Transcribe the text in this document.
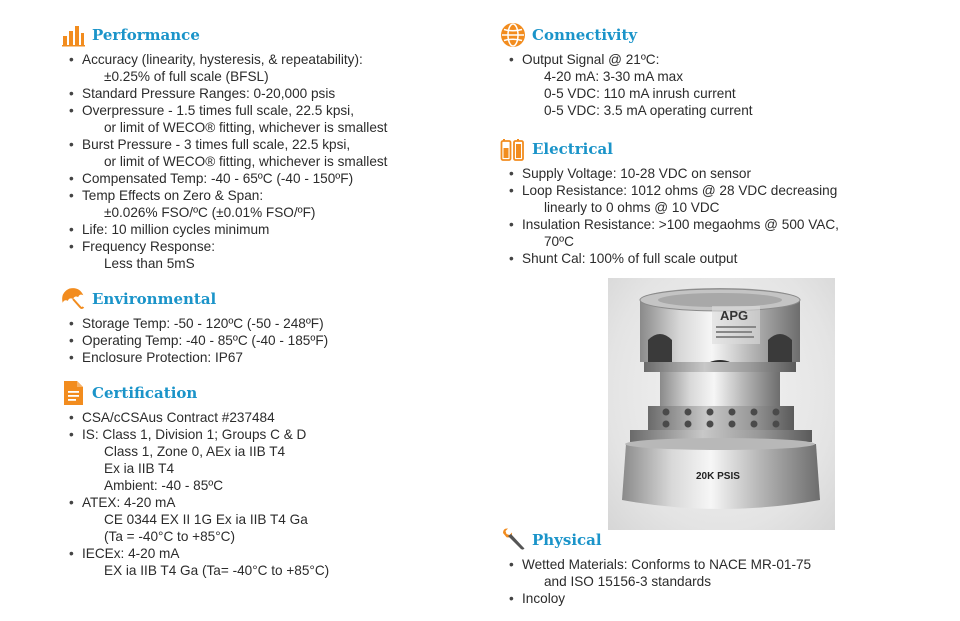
Performance
• Accuracy (linearity, hysteresis, & repeatability):
±0.25% of full scale (BFSL)
• Standard Pressure Ranges: 0-20,000 psis
• Overpressure - 1.5 times full scale, 22.5 kpsi,
or limit of WECO® fitting, whichever is smallest
• Burst Pressure - 3 times full scale, 22.5 kpsi,
or limit of WECO® fitting, whichever is smallest
• Compensated Temp: -40 - 65ºC (-40 - 150ºF)
• Temp Effects on Zero & Span:
±0.026% FSO/ºC (±0.01% FSO/ºF)
• Life: 10 million cycles minimum
• Frequency Response:
Less than 5mS
Environmental
• Storage Temp: -50 - 120ºC (-50 - 248ºF)
• Operating Temp: -40 - 85ºC (-40 - 185ºF)
• Enclosure Protection: IP67
Certification
• CSA/cCSAus Contract #237484
• IS: Class 1, Division 1; Groups C & D
Class 1, Zone 0, AEx ia IIB T4
Ex ia IIB T4
Ambient: -40 - 85ºC
• ATEX: 4-20 mA
CE 0344 EX II 1G Ex ia IIB T4 Ga
(Ta = -40°C to +85°C)
• IECEx: 4-20 mA
EX ia IIB T4 Ga (Ta= -40°C to +85°C)
Connectivity
• Output Signal @ 21ºC:
4-20 mA: 3-30 mA max
0-5 VDC: 110 mA inrush current
0-5 VDC: 3.5 mA operating current
Electrical
• Supply Voltage: 10-28 VDC on sensor
• Loop Resistance: 1012 ohms @ 28 VDC decreasing
linearly to 0 ohms @ 10 VDC
• Insulation Resistance: >100 megaohms @ 500 VAC,
70ºC
• Shunt Cal: 100% of full scale output
Physical
• Wetted Materials: Conforms to NACE MR-01-75
and ISO 15156-3 standards
• Incoloy
APG
20K PSIS
